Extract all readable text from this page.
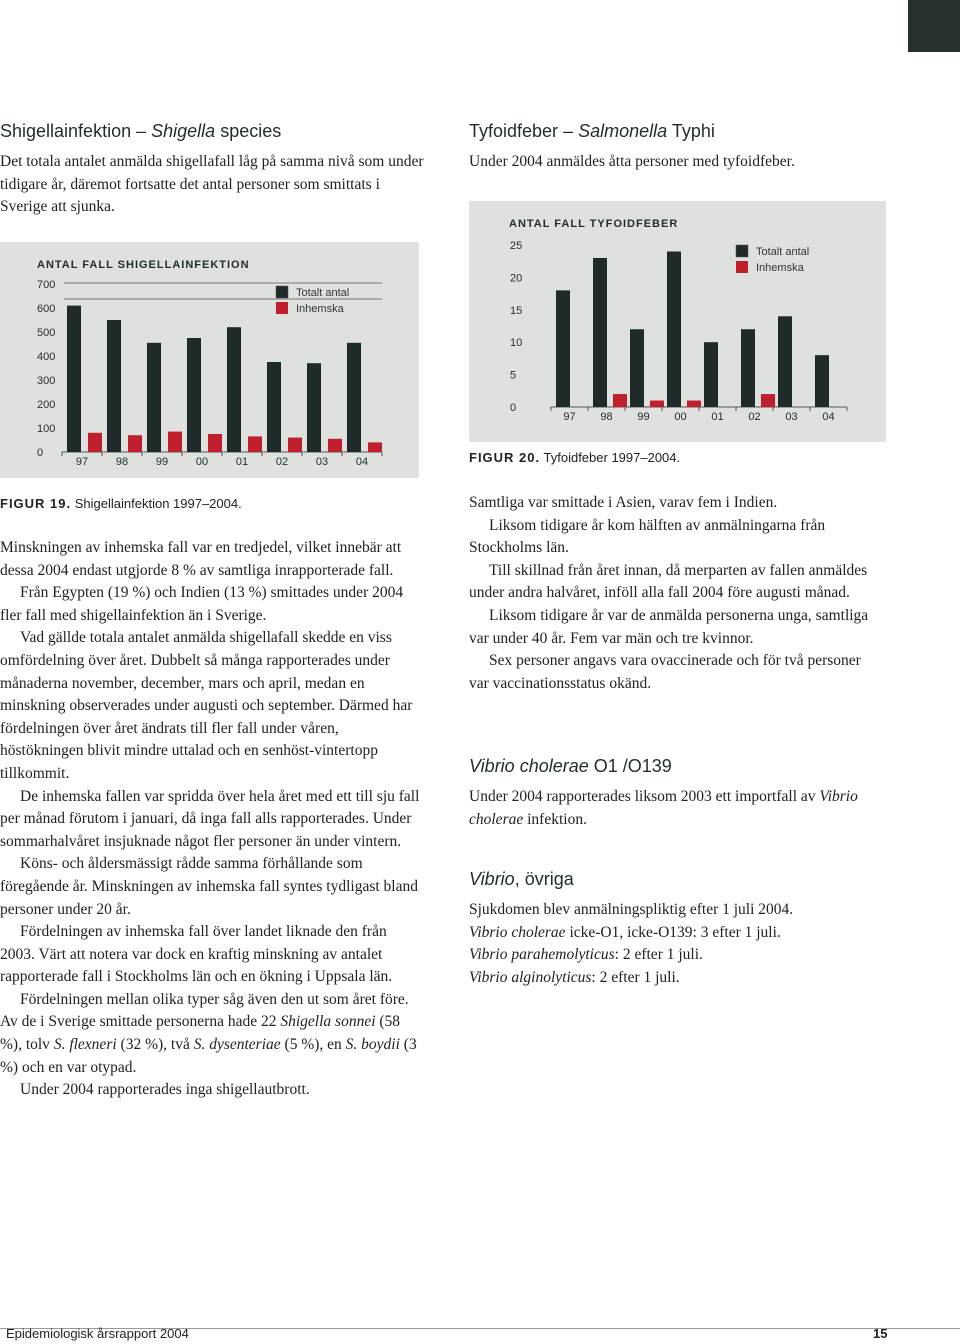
Shigellainfektion – Shigella species
Det totala antalet anmälda shigellafall låg på samma nivå som under tidigare år, däremot fortsatte det antal personer som smittats i Sverige att sjunka.
ANTAL FALL SHIGELLAINFEKTION
0
100
200
300
400
500
600
700
97	98	99	00	01	02	03	04
Totalt antal
Inhemska
FIGUR 19. Shigellainfektion 1997–2004.

Minskningen av inhemska fall var en tredjedel, vilket innebär att dessa 2004 endast utgjorde 8 % av samtliga inrapporterade fall.

Från Egypten (19 %) och Indien (13 %) smittades under 2004 fler fall med shigellainfektion än i Sverige.

Vad gällde totala antalet anmälda shigellafall skedde en viss omfördelning över året. Dubbelt så många rapporterades under månaderna november, december, mars och april, medan en minskning observerades under augusti och september. Därmed har fördelningen över året ändrats till fler fall under våren, höstökningen blivit mindre uttalad och en senhöst-vintertopp tillkommit.

De inhemska fallen var spridda över hela året med ett till sju fall per månad förutom i januari, då inga fall alls rapporterades. Under sommarhalvåret insjuknade något fler personer än under vintern.

Köns- och åldersmässigt rådde samma förhållande som föregående år. Minskningen av inhemska fall syntes tydligast bland personer under 20 år.

Fördelningen av inhemska fall över landet liknade den från 2003. Värt att notera var dock en kraftig minskning av antalet rapporterade fall i Stockholms län och en ökning i Uppsala län.

Fördelningen mellan olika typer såg även den ut som året före. Av de i Sverige smittade personerna hade 22 Shigella sonnei (58 %), tolv S. flexneri (32 %), två S. dysenteriae (5 %), en S. boydii (3 %) och en var otypad.

Under 2004 rapporterades inga shigellautbrott.

Tyfoidfeber – Salmonella Typhi
Under 2004 anmäldes åtta personer med tyfoidfeber.
ANTAL FALL TYFOIDFEBER
0
5
10
15
20
25
97 98 99 00 01 02 03 04
Totalt antal
Inhemska
FIGUR 20. Tyfoidfeber 1997–2004.

Samtliga var smittade i Asien, varav fem i Indien.

Liksom tidigare år kom hälften av anmälningarna från Stockholms län.

Till skillnad från året innan, då merparten av fallen anmäldes under andra halvåret, inföll alla fall 2004 före augusti månad.

Liksom tidigare år var de anmälda personerna unga, samtliga var under 40 år. Fem var män och tre kvinnor.

Sex personer angavs vara ovaccinerade och för två personer var vaccinationsstatus okänd.

Vibrio cholerae O1 /O139

Under 2004 rapporterades liksom 2003 ett importfall av Vibrio cholerae infektion.

Vibrio, övriga

Sjukdomen blev anmälningspliktig efter 1 juli 2004.

Vibrio cholerae icke-O1, icke-O139: 3 efter 1 juli.

Vibrio parahemolyticus: 2 efter 1 juli.

Vibrio alginolyticus: 2 efter 1 juli.

Epidemiologisk årsrapport 2004	15
